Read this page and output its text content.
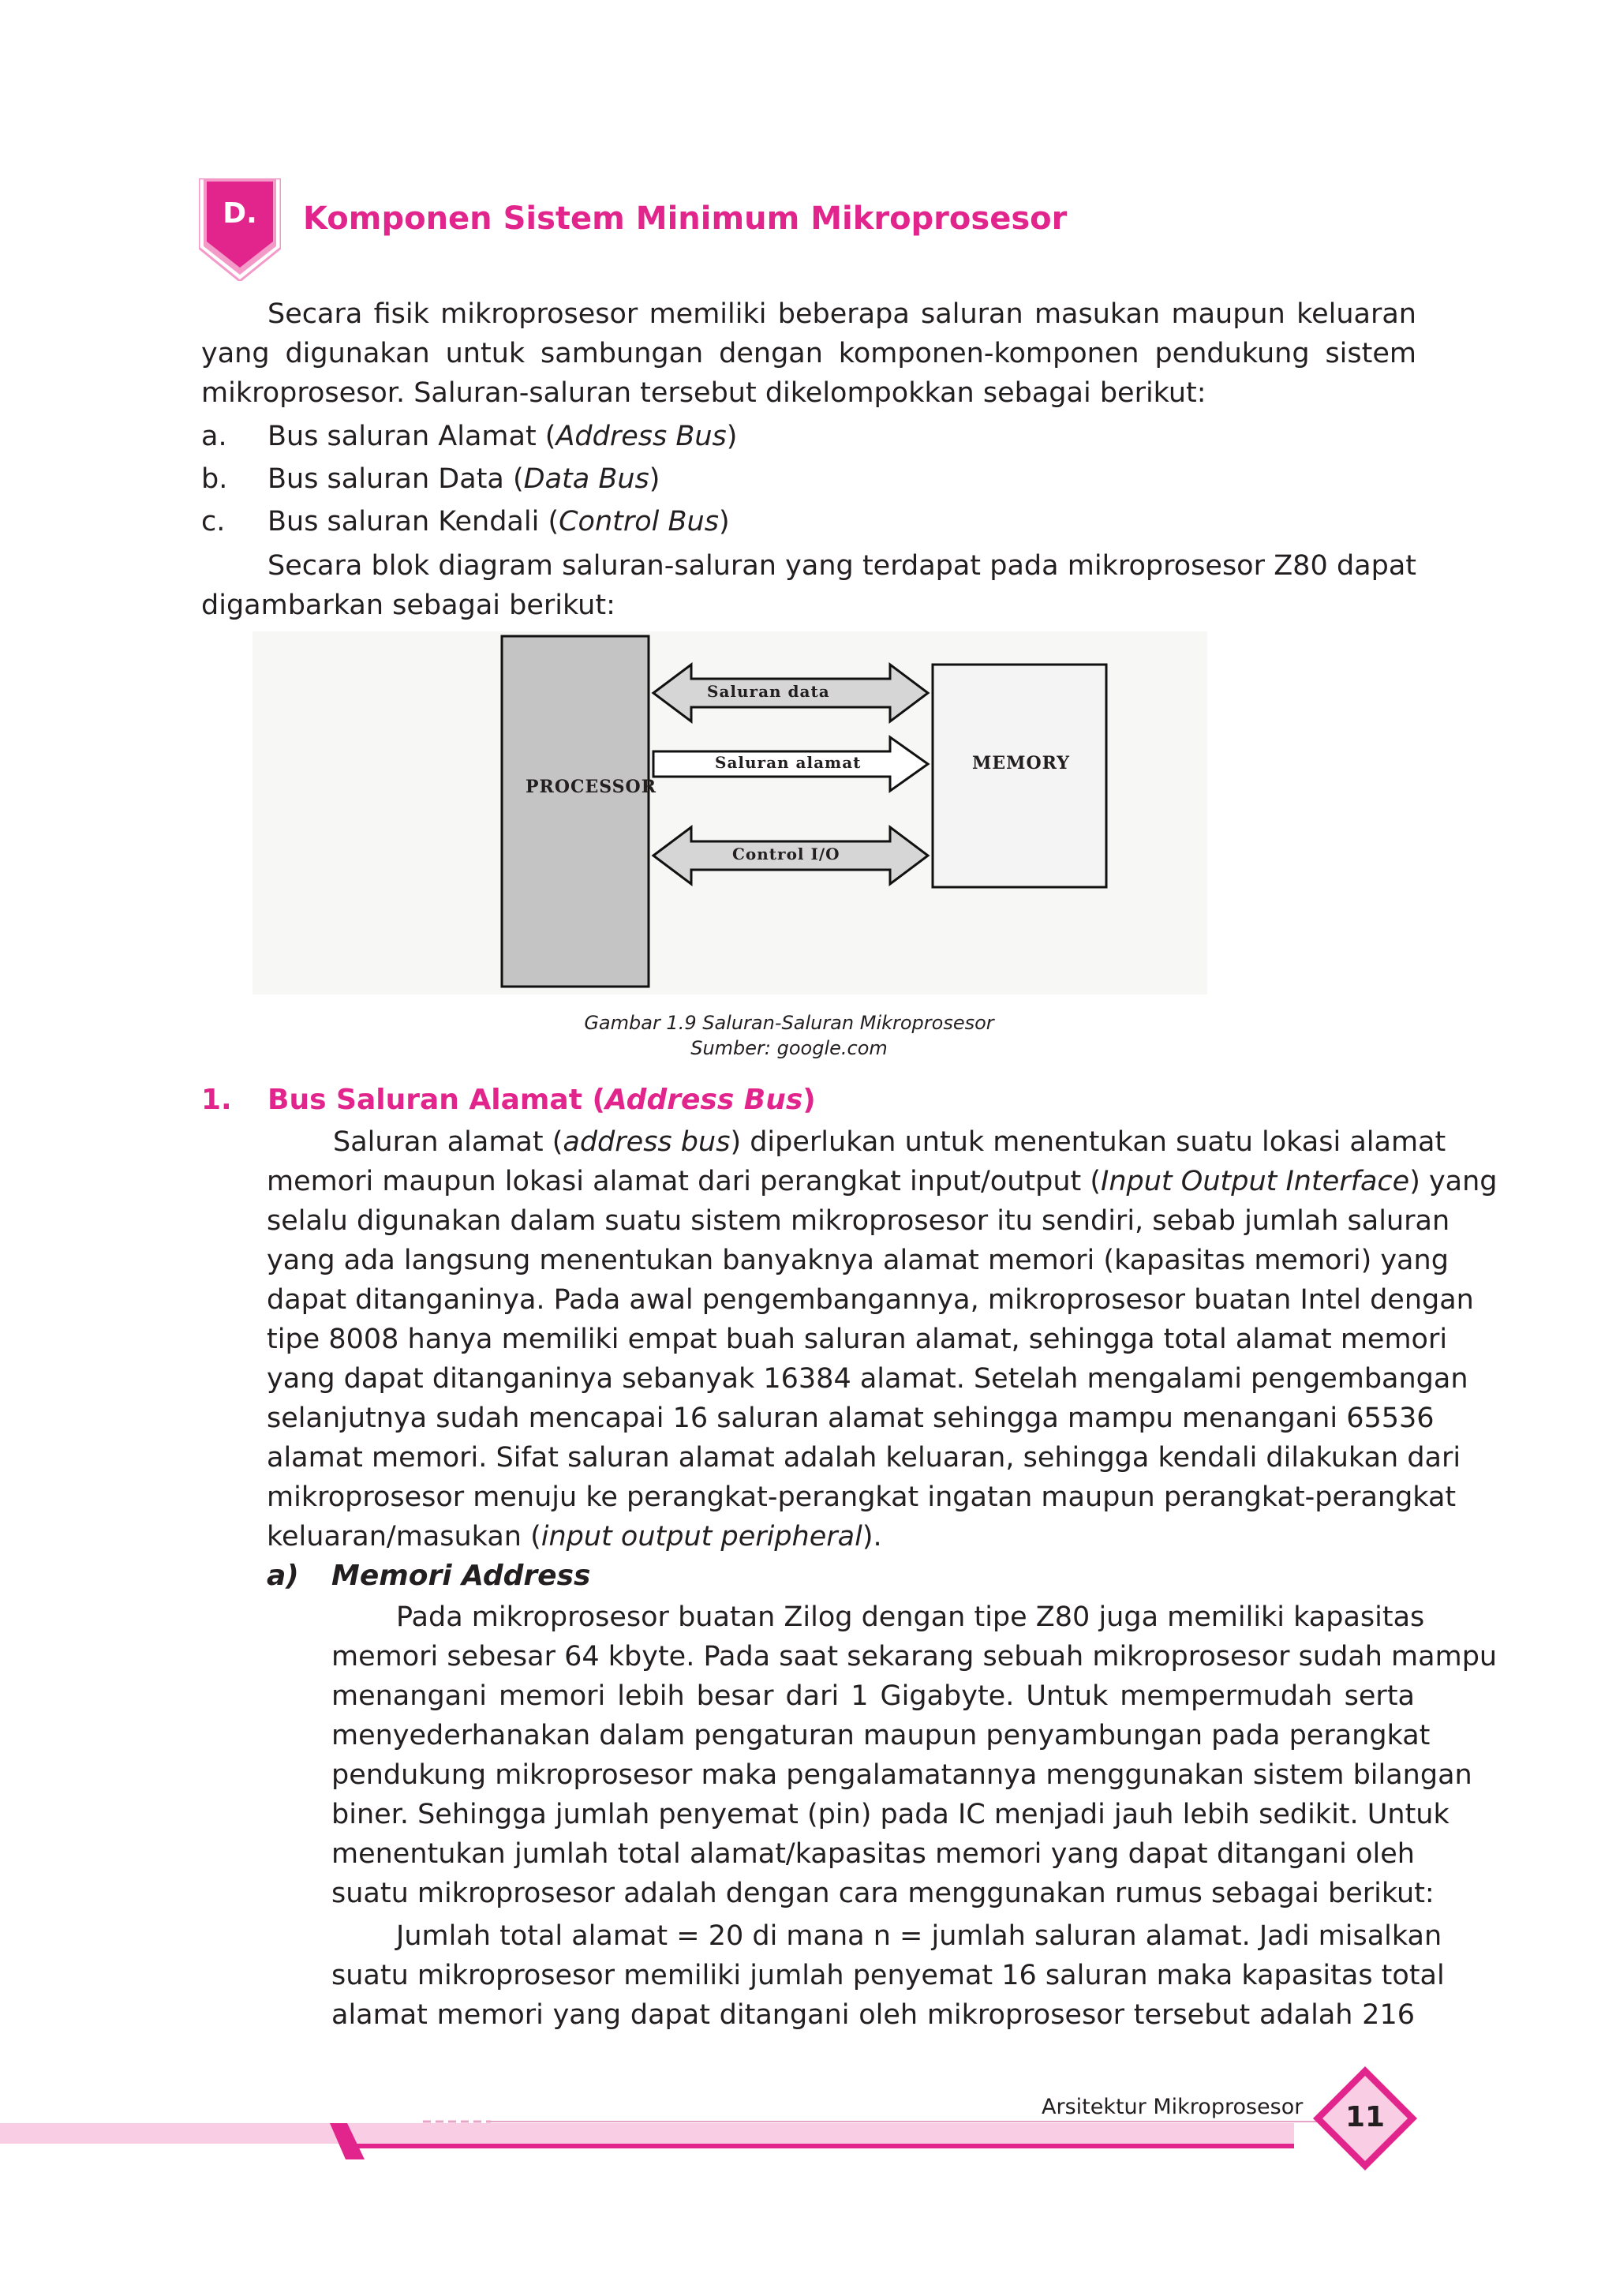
D.	Komponen Sistem Minimum Mikroprosesor
Secara fisik mikroprosesor memiliki beberapa saluran masukan maupun keluaran
yang digunakan untuk sambungan dengan komponen-komponen pendukung sistem
mikroprosesor. Saluran-saluran tersebut dikelompokkan sebagai berikut:
a. Bus saluran Alamat (Address Bus)
b. Bus saluran Data (Data Bus)
c. Bus saluran Kendali (Control Bus)
Secara blok diagram saluran-saluran yang terdapat pada mikroprosesor Z80 dapat
digambarkan sebagai berikut:
PROCESSOR
MEMORY
Saluran data
Saluran alamat
Control I/O
Gambar 1.9 Saluran-Saluran Mikroprosesor
Sumber: google.com
1. Bus Saluran Alamat (Address Bus)
Saluran alamat (address bus) diperlukan untuk menentukan suatu lokasi alamat
memori maupun lokasi alamat dari perangkat input/output (Input Output Interface) yang
selalu digunakan dalam suatu sistem mikroprosesor itu sendiri, sebab jumlah saluran
yang ada langsung menentukan banyaknya alamat memori (kapasitas memori) yang
dapat ditanganinya. Pada awal pengembangannya, mikroprosesor buatan Intel dengan
tipe 8008 hanya memiliki empat buah saluran alamat, sehingga total alamat memori
yang dapat ditanganinya sebanyak 16384 alamat. Setelah mengalami pengembangan
selanjutnya sudah mencapai 16 saluran alamat sehingga mampu menangani 65536
alamat memori. Sifat saluran alamat adalah keluaran, sehingga kendali dilakukan dari
mikroprosesor menuju ke perangkat-perangkat ingatan maupun perangkat-perangkat
keluaran/masukan (input output peripheral).
a) Memori Address
Pada mikroprosesor buatan Zilog dengan tipe Z80 juga memiliki kapasitas
memori sebesar 64 kbyte. Pada saat sekarang sebuah mikroprosesor sudah mampu
menangani memori lebih besar dari 1 Gigabyte. Untuk mempermudah serta
menyederhanakan dalam pengaturan maupun penyambungan pada perangkat
pendukung mikroprosesor maka pengalamatannya menggunakan sistem bilangan
biner. Sehingga jumlah penyemat (pin) pada IC menjadi jauh lebih sedikit. Untuk
menentukan jumlah total alamat/kapasitas memori yang dapat ditangani oleh
suatu mikroprosesor adalah dengan cara menggunakan rumus sebagai berikut:
Jumlah total alamat = 20 di mana n = jumlah saluran alamat. Jadi misalkan
suatu mikroprosesor memiliki jumlah penyemat 16 saluran maka kapasitas total
alamat memori yang dapat ditangani oleh mikroprosesor tersebut adalah 216
Arsitektur Mikroprosesor	11
